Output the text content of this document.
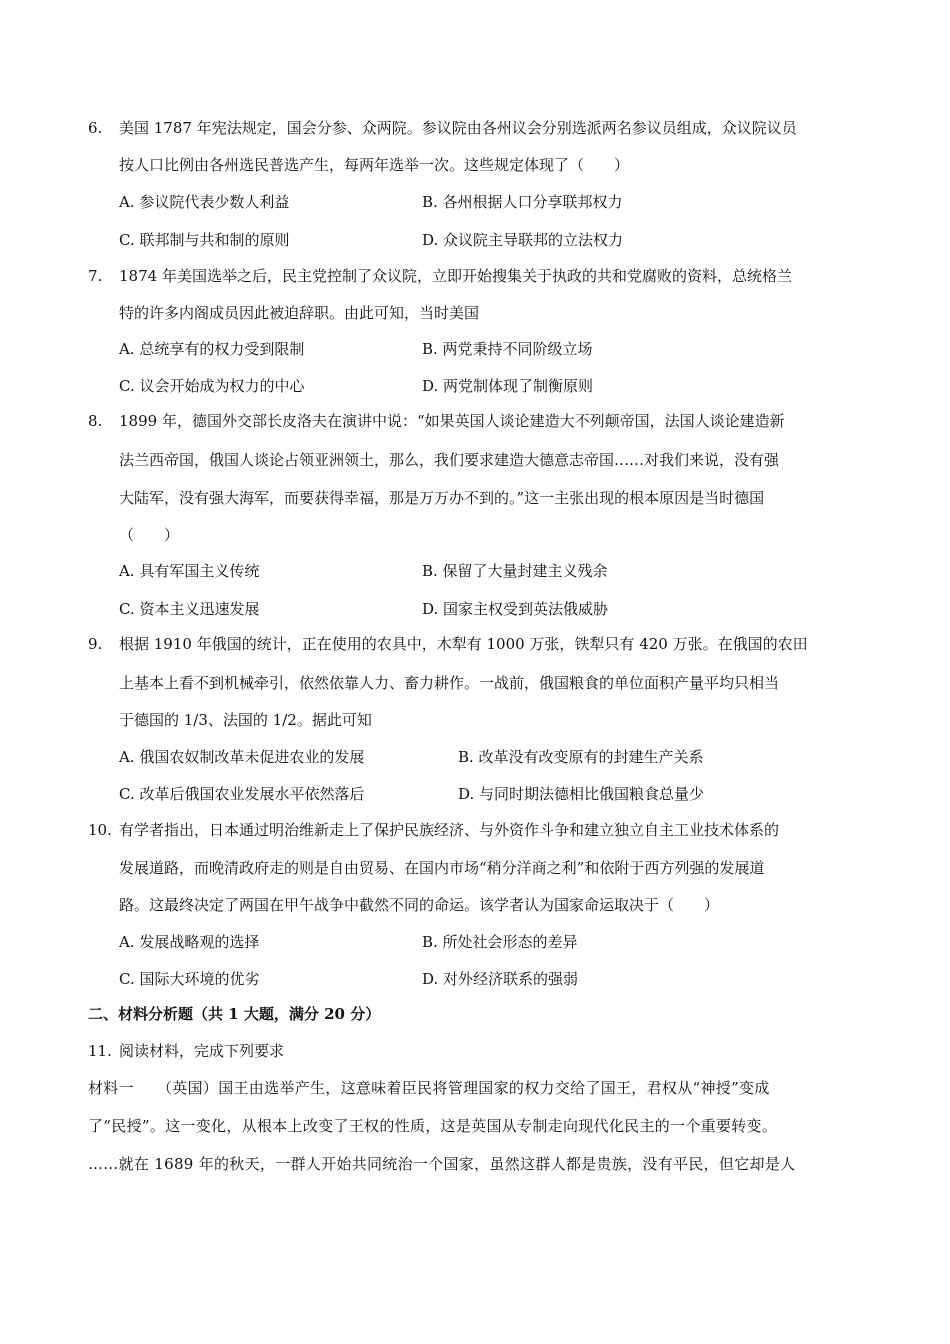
6. 美国 1787 年宪法规定，国会分参、众两院。参议院由各州议会分别选派两名参议员组成，众议院议员
按人口比例由各州选民普选产生，每两年选举一次。这些规定体现了（　　）
A. 参议院代表少数人利益	B. 各州根据人口分享联邦权力
C. 联邦制与共和制的原则	D. 众议院主导联邦的立法权力
7. 1874 年美国选举之后，民主党控制了众议院，立即开始搜集关于执政的共和党腐败的资料，总统格兰
特的许多内阁成员因此被迫辞职。由此可知，当时美国
A. 总统享有的权力受到限制	B. 两党秉持不同阶级立场
C. 议会开始成为权力的中心	D. 两党制体现了制衡原则
8. 1899 年，德国外交部长皮洛夫在演讲中说：“如果英国人谈论建造大不列颠帝国，法国人谈论建造新
法兰西帝国，俄国人谈论占领亚洲领土，那么，我们要求建造大德意志帝国……对我们来说，没有强
大陆军，没有强大海军，而要获得幸福，那是万万办不到的。”这一主张出现的根本原因是当时德国
（　　）
A. 具有军国主义传统	B. 保留了大量封建主义残余
C. 资本主义迅速发展	D. 国家主权受到英法俄威胁
9. 根据 1910 年俄国的统计，正在使用的农具中，木犁有 1000 万张，铁犁只有 420 万张。在俄国的农田
上基本上看不到机械牵引，依然依靠人力、畜力耕作。一战前，俄国粮食的单位面积产量平均只相当
于德国的 1/3、法国的 1/2。据此可知
A. 俄国农奴制改革未促进农业的发展	B. 改革没有改变原有的封建生产关系
C. 改革后俄国农业发展水平依然落后	D. 与同时期法德相比俄国粮食总量少
10. 有学者指出，日本通过明治维新走上了保护民族经济、与外资作斗争和建立独立自主工业技术体系的
发展道路，而晚清政府走的则是自由贸易、在国内市场“稍分洋商之利”和依附于西方列强的发展道
路。这最终决定了两国在甲午战争中截然不同的命运。该学者认为国家命运取决于（　　）
A. 发展战略观的选择	B. 所处社会形态的差异
C. 国际大环境的优劣	D. 对外经济联系的强弱
二、材料分析题（共 1 大题，满分 20 分）
11. 阅读材料，完成下列要求
材料一　　（英国）国王由选举产生，这意味着臣民将管理国家的权力交给了国王，君权从“神授”变成
了“民授”。这一变化，从根本上改变了王权的性质，这是英国从专制走向现代化民主的一个重要转变。
……就在 1689 年的秋天，一群人开始共同统治一个国家，虽然这群人都是贵族，没有平民，但它却是人
